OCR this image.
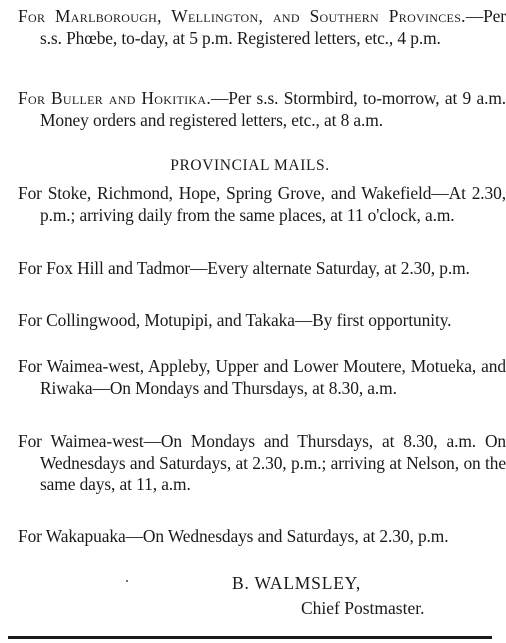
For Marlborough, Wellington, and Southern Provinces.—Per s.s. Phœbe, to-day, at 5 p.m. Registered letters, etc., 4 p.m.
For Buller and Hokitika.—Per s.s. Stormbird, to-morrow, at 9 a.m. Money orders and registered letters, etc., at 8 a.m.
PROVINCIAL MAILS.
For Stoke, Richmond, Hope, Spring Grove, and Wakefield—At 2.30, p.m.; arriving daily from the same places, at 11 o'clock, a.m.
For Fox Hill and Tadmor—Every alternate Saturday, at 2.30, p.m.
For Collingwood, Motupipi, and Takaka—By first opportunity.
For Waimea-west, Appleby, Upper and Lower Moutere, Motueka, and Riwaka—On Mondays and Thursdays, at 8.30, a.m.
For Waimea-west—On Mondays and Thursdays, at 8.30, a.m. On Wednesdays and Saturdays, at 2.30, p.m.; arriving at Nelson, on the same days, at 11, a.m.
For Wakapuaka—On Wednesdays and Saturdays, at 2.30, p.m.
B. WALMSLEY,
Chief Postmaster.
